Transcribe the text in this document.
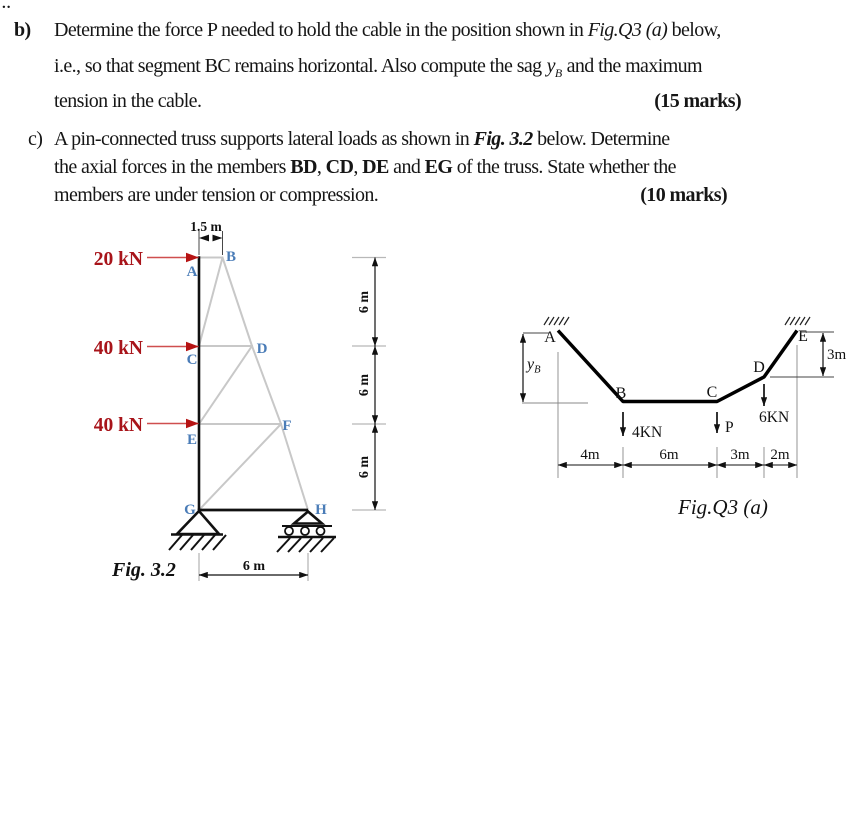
..
b) Determine the force P needed to hold the cable in the position shown in Fig.Q3 (a) below,
i.e., so that segment BC remains horizontal. Also compute the sag $y_B$ and the maximum
tension in the cable.	(15 marks)
c) A pin-connected truss supports lateral loads as shown in Fig. 3.2 below. Determine
the axial forces in the members BD, CD, DE and EG of the truss. State whether the
members are under tension or compression.	(10 marks)
20 kN
40 kN
40 kN
A
B
C
D
E
F
G	H
1.5 m
6 m
6 m
6 m
6 m
Fig. 3.2
A
B	C
D
E
$y_B$
3m
4KN	P
6KN
4m	6m	3m 2m
Fig.Q3 (a)
